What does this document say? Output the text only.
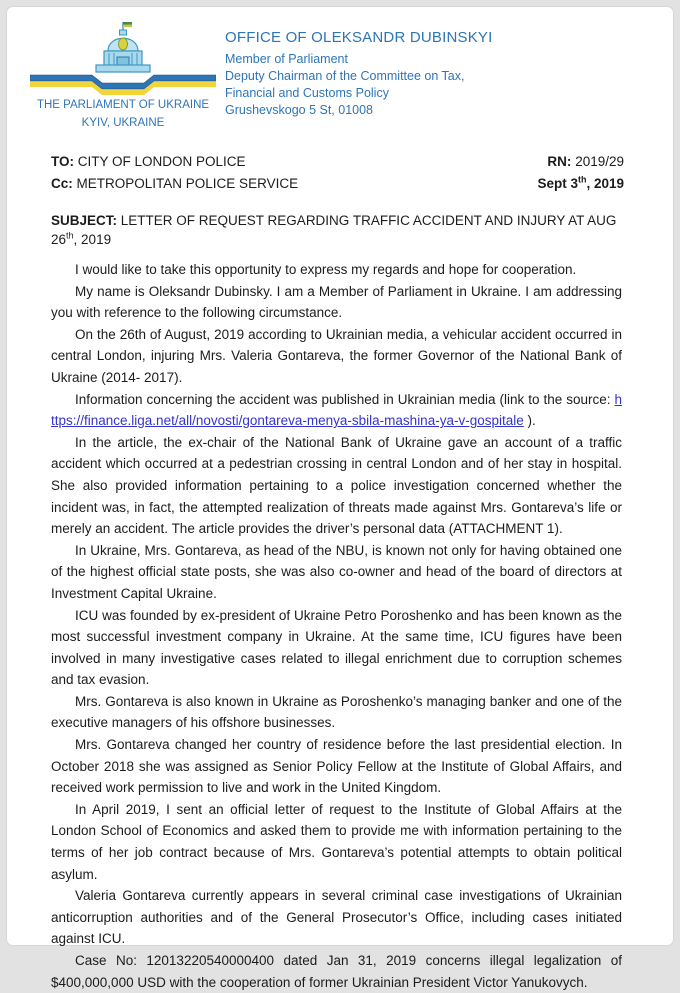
THE PARLIAMENT OF UKRAINE
KYIV, UKRAINE
OFFICE OF OLEKSANDR DUBINSKYI
Member of Parliament
Deputy Chairman of the Committee on Tax,
Financial and Customs Policy
Grushevskogo 5 St, 01008
TO: CITY OF LONDON POLICE	RN: 2019/29
Cc: METROPOLITAN POLICE SERVICE	Sept 3th, 2019
SUBJECT: LETTER OF REQUEST REGARDING TRAFFIC ACCIDENT AND INJURY AT AUG 26th, 2019

I would like to take this opportunity to express my regards and hope for cooperation.

My name is Oleksandr Dubinsky. I am a Member of Parliament in Ukraine. I am addressing you with reference to the following circumstance.

On the 26th of August, 2019 according to Ukrainian media, a vehicular accident occurred in central London, injuring Mrs. Valeria Gontareva, the former Governor of the National Bank of Ukraine (2014- 2017).

Information concerning the accident was published in Ukrainian media (link to the source: https://finance.liga.net/all/novosti/gontareva-menya-sbila-mashina-ya-v-gospitale ).

In the article, the ex-chair of the National Bank of Ukraine gave an account of a traffic accident which occurred at a pedestrian crossing in central London and of her stay in hospital. She also provided information pertaining to a police investigation concerned whether the incident was, in fact, the attempted realization of threats made against Mrs. Gontareva’s life or merely an accident. The article provides the driver’s personal data (ATTACHMENT 1).

In Ukraine, Mrs. Gontareva, as head of the NBU, is known not only for having obtained one of the highest official state posts, she was also co-owner and head of the board of directors at Investment Capital Ukraine.

ICU was founded by ex-president of Ukraine Petro Poroshenko and has been known as the most successful investment company in Ukraine. At the same time, ICU figures have been involved in many investigative cases related to illegal enrichment due to corruption schemes and tax evasion.

Mrs. Gontareva is also known in Ukraine as Poroshenko’s managing banker and one of the executive managers of his offshore businesses.

Mrs. Gontareva changed her country of residence before the last presidential election. In October 2018 she was assigned as Senior Policy Fellow at the Institute of Global Affairs, and received work permission to live and work in the United Kingdom.

In April 2019, I sent an official letter of request to the Institute of Global Affairs at the London School of Economics and asked them to provide me with information pertaining to the terms of her job contract because of Mrs. Gontareva’s potential attempts to obtain political asylum.

Valeria Gontareva currently appears in several criminal case investigations of Ukrainian anticorruption authorities and of the General Prosecutor’s Office, including cases initiated against ICU.

Case No: 12013220540000400 dated Jan 31, 2019 concerns illegal legalization of $400,000,000 USD with the cooperation of former Ukrainian President Victor Yanukovych.
